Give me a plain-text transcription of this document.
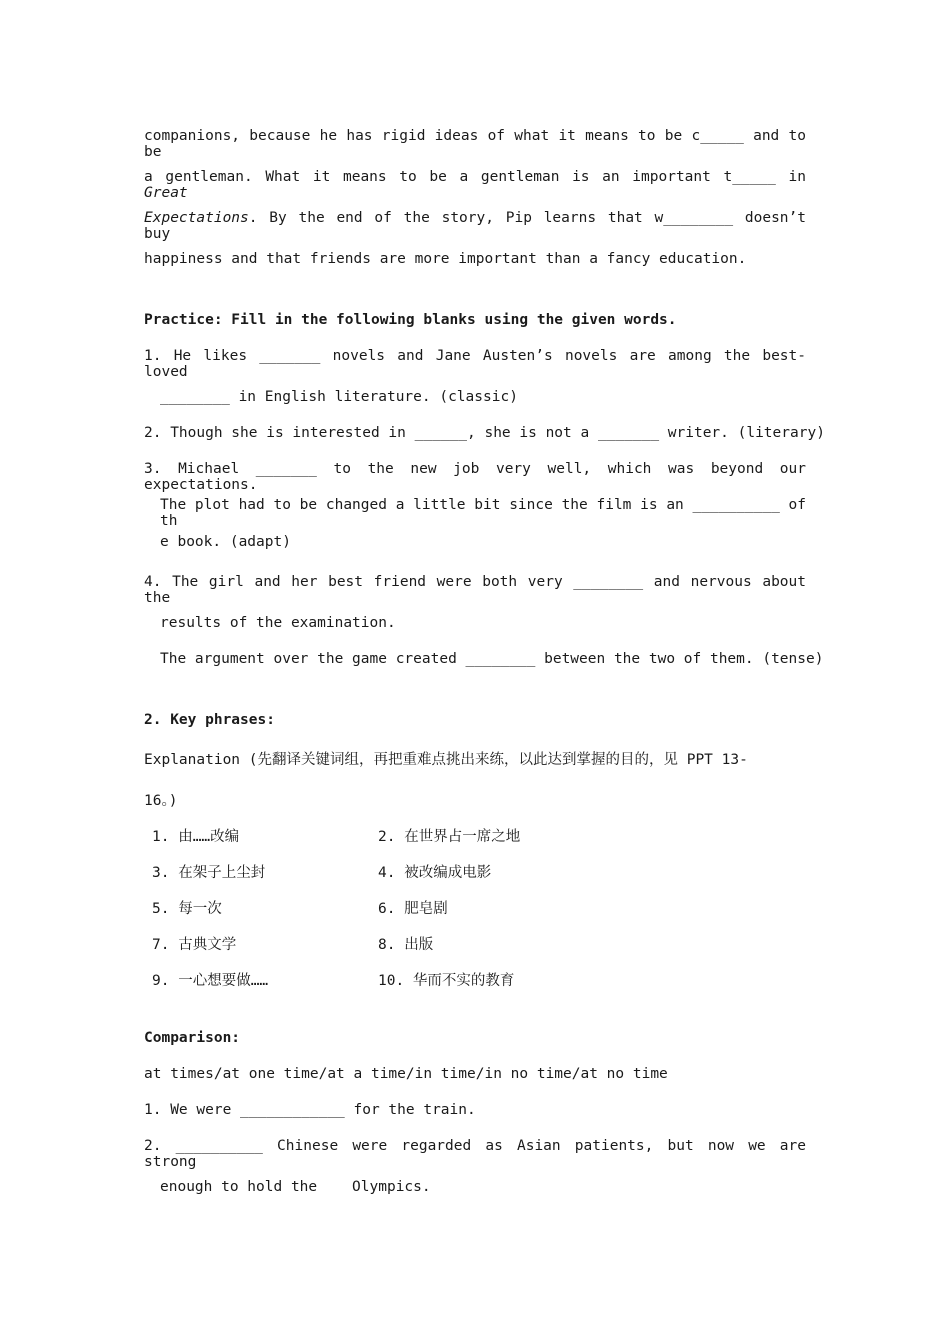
companions, because he has rigid ideas of what it means to be c_____ and to be
a gentleman. What it means to be a gentleman is an important t_____ in Great
Expectations. By the end of the story, Pip learns that w________ doesn’t buy
happiness and that friends are more important than a fancy education.
Practice: Fill in the following blanks using the given words.
1. He likes _______ novels and Jane Austen’s novels are among the best-loved
________ in English literature. (classic)
2. Though she is interested in ______, she is not a _______ writer. (literary)
3. Michael _______ to the new job very well, which was beyond our expectations.
The plot had to be changed a little bit since the film is an __________ of th
e book. (adapt)
4. The girl and her best friend were both very ________ and nervous about the
results of the examination.
The argument over the game created ________ between the two of them. (tense)
2. Key phrases:
Explanation (先翻译关键词组，再把重难点挑出来练，以此达到掌握的目的，见 PPT 13-
16。)
1. 由……改编	2. 在世界占一席之地
3. 在架子上尘封	4. 被改编成电影
5. 每一次	6. 肥皂剧
7. 古典文学	8. 出版
9. 一心想要做……	10. 华而不实的教育
Comparison:
at times/at one time/at a time/in time/in no time/at no time
1. We were ____________ for the train.
2. __________ Chinese were regarded as Asian patients, but now we are strong
enough to hold the    Olympics.
